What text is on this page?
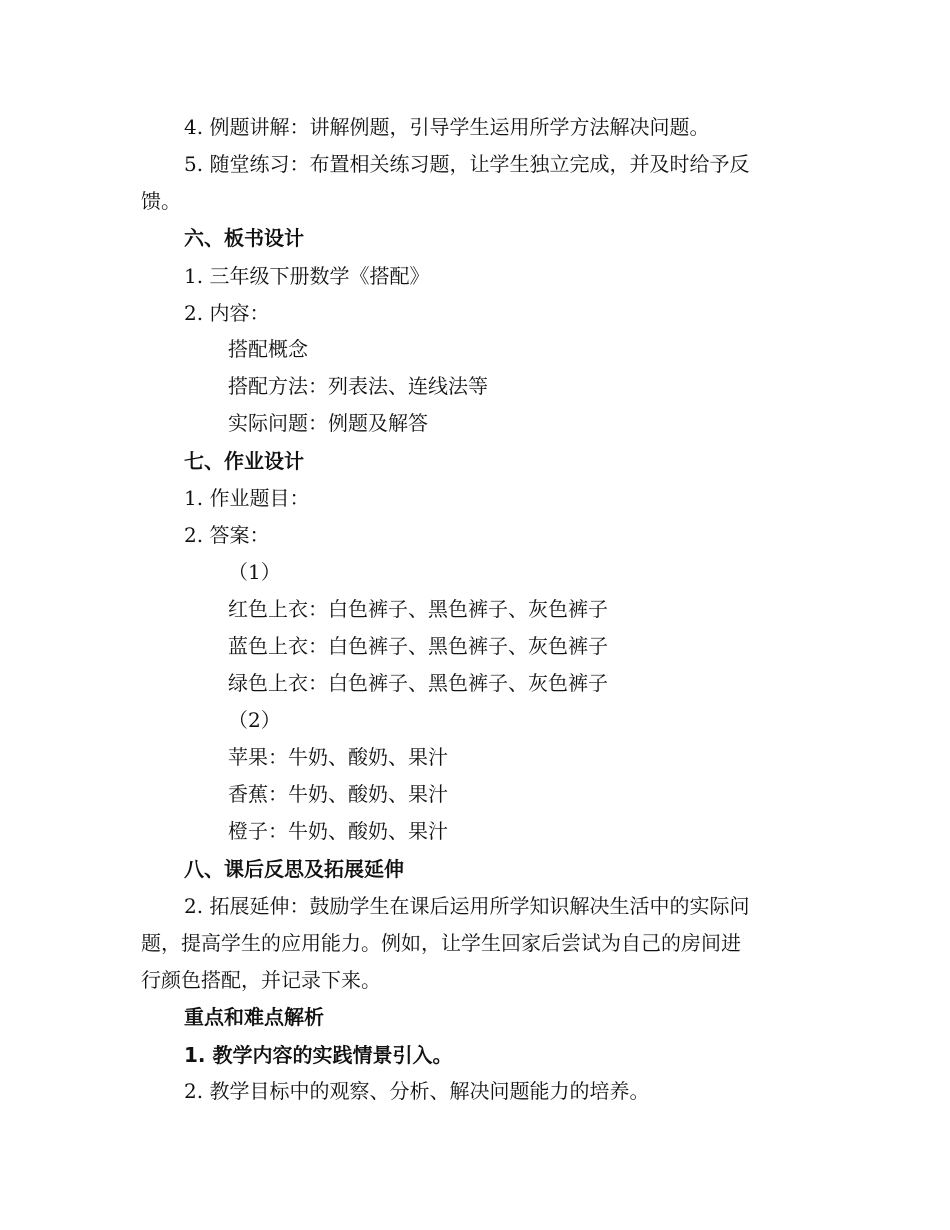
4. 例题讲解：讲解例题，引导学生运用所学方法解决问题。
5. 随堂练习：布置相关练习题，让学生独立完成，并及时给予反
馈。
六、板书设计
1. 三年级下册数学《搭配》
2. 内容：
搭配概念
搭配方法：列表法、连线法等
实际问题：例题及解答
七、作业设计
1. 作业题目：
2. 答案：
（1）
红色上衣：白色裤子、黑色裤子、灰色裤子
蓝色上衣：白色裤子、黑色裤子、灰色裤子
绿色上衣：白色裤子、黑色裤子、灰色裤子
（2）
苹果：牛奶、酸奶、果汁
香蕉：牛奶、酸奶、果汁
橙子：牛奶、酸奶、果汁
八、课后反思及拓展延伸
2. 拓展延伸：鼓励学生在课后运用所学知识解决生活中的实际问
题，提高学生的应用能力。例如，让学生回家后尝试为自己的房间进
行颜色搭配，并记录下来。
重点和难点解析
1. 教学内容的实践情景引入。
2. 教学目标中的观察、分析、解决问题能力的培养。
